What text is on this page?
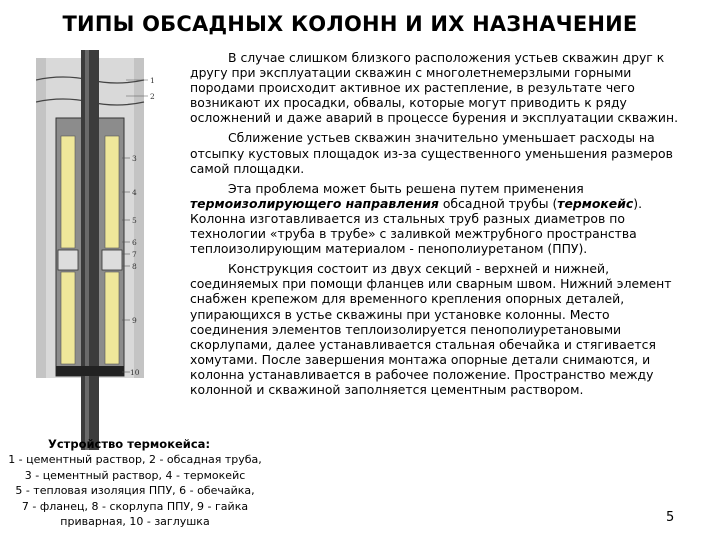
ТИПЫ ОБСАДНЫХ КОЛОНН И ИХ НАЗНАЧЕНИЕ
1
2
3
4
5
6
7
8
9
10

В случае слишком близкого расположения устьев скважин друг к другу при эксплуатации скважин с многолетнемерзлыми горными породами происходит активное их растепление, в результате чего возникают их просадки, обвалы, которые могут приводить к ряду осложнений и даже аварий в процессе бурения и эксплуатации скважин.

Сближение устьев скважин значительно уменьшает расходы на отсыпку кустовых площадок из-за существенного уменьшения размеров самой площадки.

Эта проблема может быть решена путем применения термоизолирующего направления обсадной трубы (термокейс). Колонна изготавливается из стальных труб разных диаметров по технологии «труба в трубе» с заливкой межтрубного пространства теплоизолирующим материалом - пенополиуретаном (ППУ).

Конструкция состоит из двух секций - верхней и нижней, соединяемых при помощи фланцев или сварным швом. Нижний элемент снабжен крепежом для временного крепления опорных деталей, упирающихся в устье скважины при установке колонны. Место соединения элементов теплоизолируется пенополиуретановыми скорлупами, далее устанавливается стальная обечайка и стягивается хомутами. После завершения монтажа опорные детали снимаются, и колонна устанавливается в рабочее положение. Пространство между колонной и скважиной заполняется цементным раствором.

Устройство термокейса:
1 - цементный раствор, 2 - обсадная труба,
3 - цементный раствор, 4 - термокейс
5 - тепловая изоляция ППУ, 6 - обечайка,
7 - фланец, 8 - скорлупа ППУ, 9 - гайка
приварная, 10 - заглушка	5
